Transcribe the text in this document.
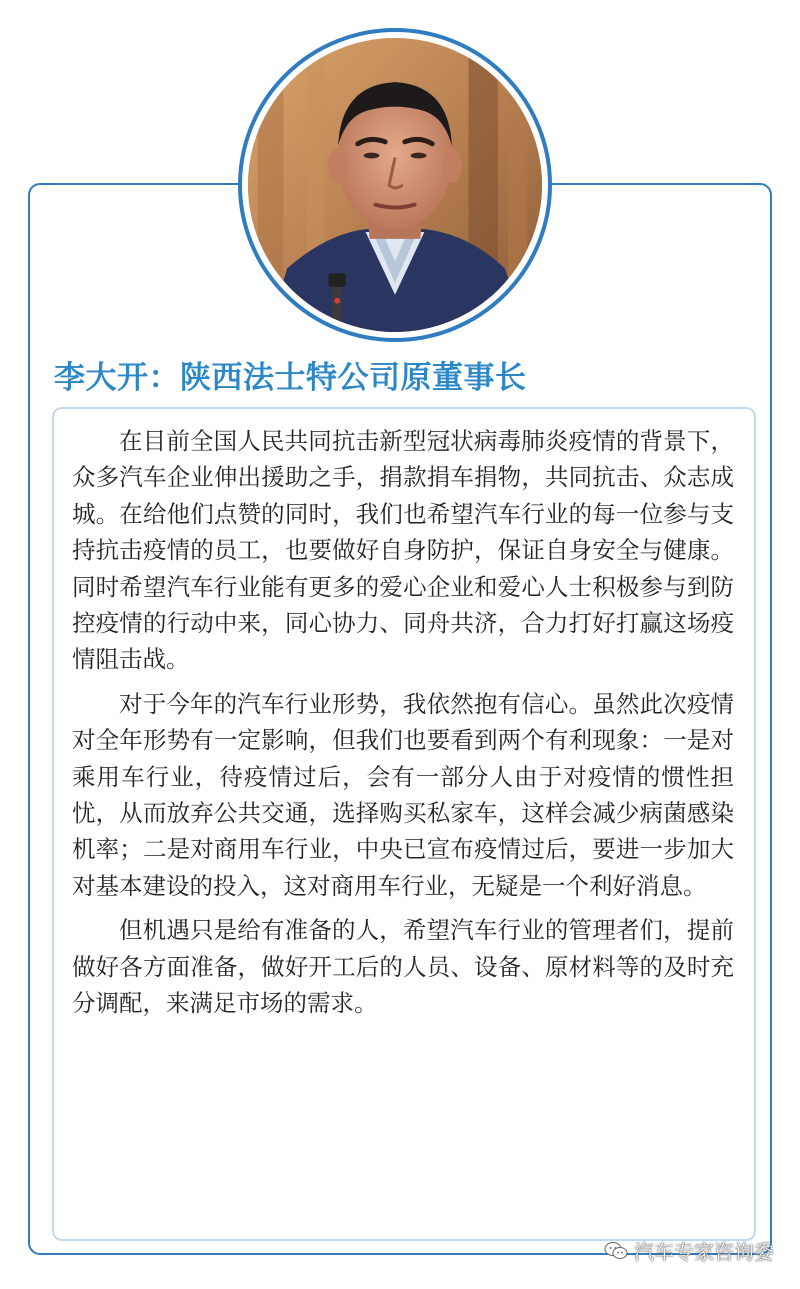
李大开：陕西法士特公司原董事长

在目前全国人民共同抗击新型冠状病毒肺炎疫情的背景下，众多汽车企业伸出援助之手，捐款捐车捐物，共同抗击、众志成城。在给他们点赞的同时，我们也希望汽车行业的每一位参与支持抗击疫情的员工，也要做好自身防护，保证自身安全与健康。同时希望汽车行业能有更多的爱心企业和爱心人士积极参与到防控疫情的行动中来，同心协力、同舟共济，合力打好打赢这场疫情阻击战。

对于今年的汽车行业形势，我依然抱有信心。虽然此次疫情对全年形势有一定影响，但我们也要看到两个有利现象：一是对乘用车行业，待疫情过后，会有一部分人由于对疫情的惯性担忧，从而放弃公共交通，选择购买私家车，这样会减少病菌感染机率；二是对商用车行业，中央已宣布疫情过后，要进一步加大对基本建设的投入，这对商用车行业，无疑是一个利好消息。

但机遇只是给有准备的人，希望汽车行业的管理者们，提前做好各方面准备，做好开工后的人员、设备、原材料等的及时充分调配，来满足市场的需求。

汽车专家咨询委
